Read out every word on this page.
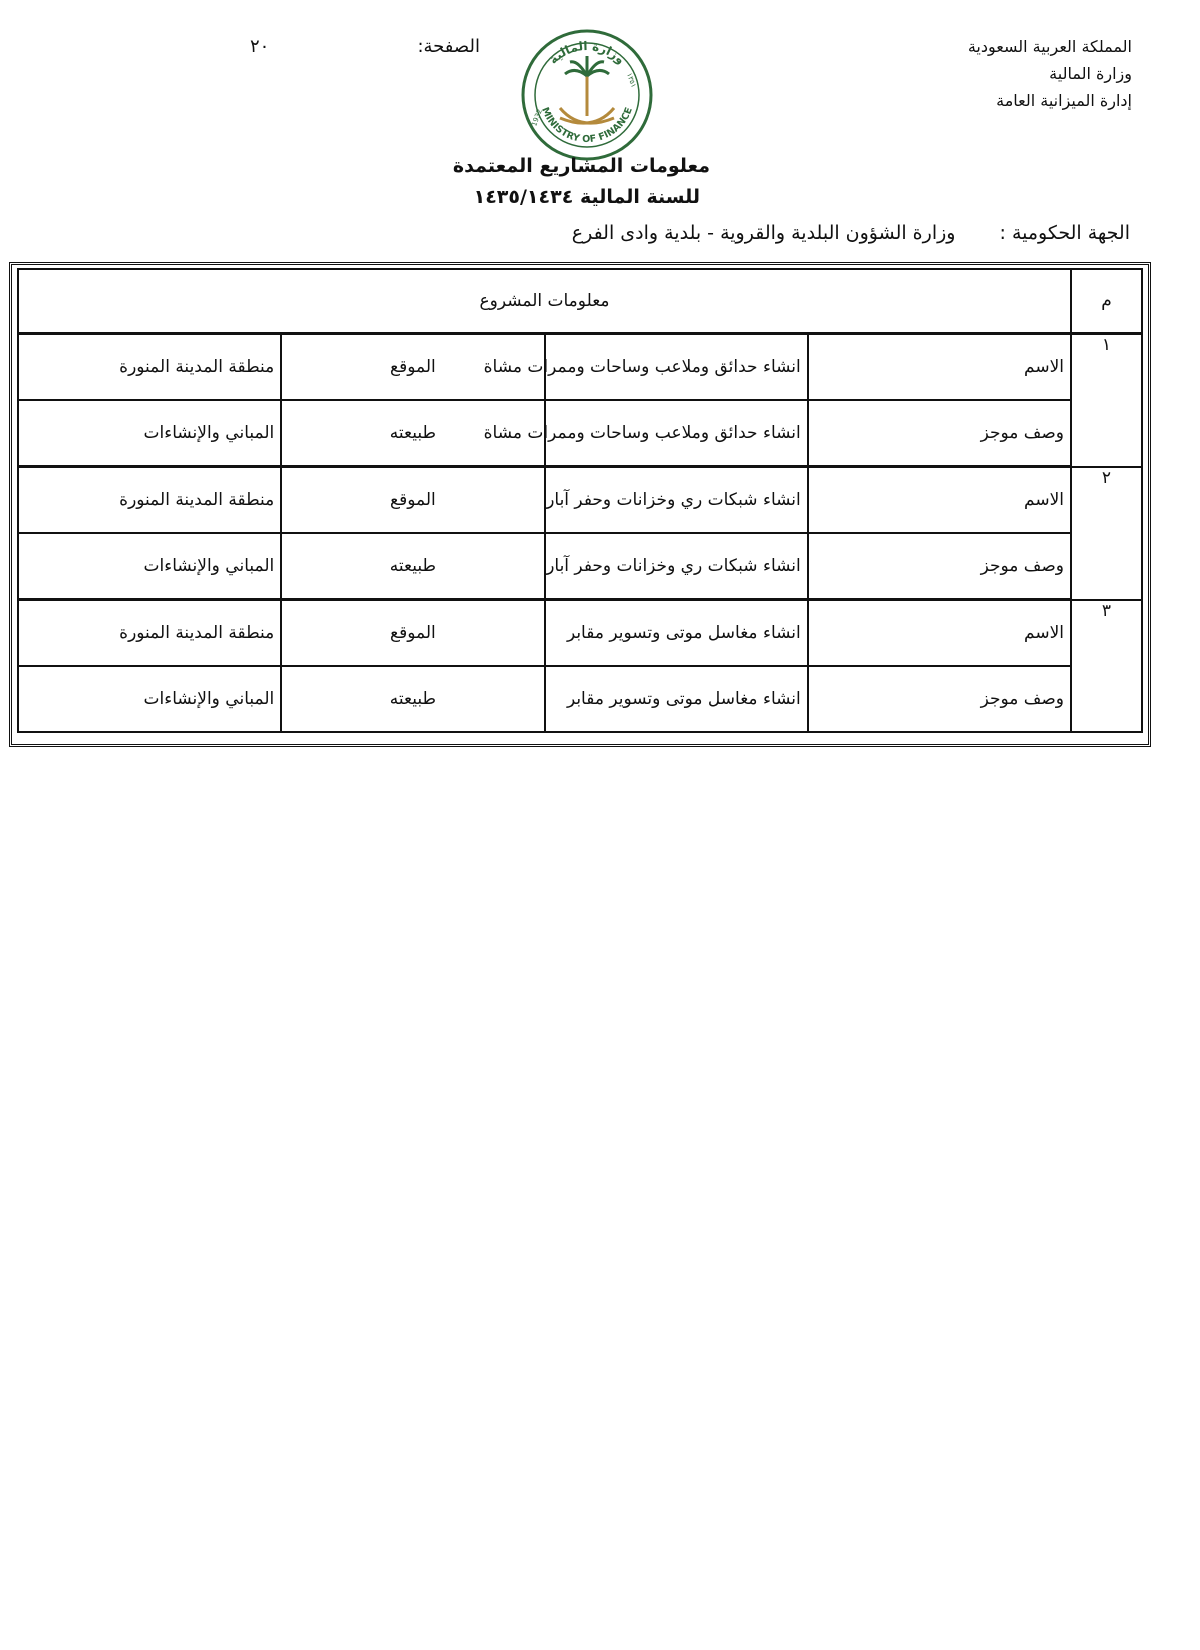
المملكة العربية السعودية
وزارة المالية
إدارة الميزانية العامة
الصفحة:
٢٠
وزارة المالية
MINISTRY OF FINANCE
1932
١٣٥١
معلومات المشاريع المعتمدة
للسنة المالية ١٤٣٥/١٤٣٤
الجهة الحكومية : وزارة الشؤون البلدية والقروية - بلدية وادى الفرع
م	معلومات المشروع			
١	الاسم	انشاء حدائق وملاعب وساحات وممرات مشاة	الموقع	منطقة المدينة المنورة
	وصف موجز	انشاء حدائق وملاعب وساحات وممرات مشاة	طبيعته	المباني والإنشاءات
٢	الاسم	انشاء شبكات ري وخزانات وحفر آبار	الموقع	منطقة المدينة المنورة
	وصف موجز	انشاء شبكات ري وخزانات وحفر آبار	طبيعته	المباني والإنشاءات
٣	الاسم	انشاء مغاسل موتى وتسوير مقابر	الموقع	منطقة المدينة المنورة
	وصف موجز	انشاء مغاسل موتى وتسوير مقابر	طبيعته	المباني والإنشاءات
